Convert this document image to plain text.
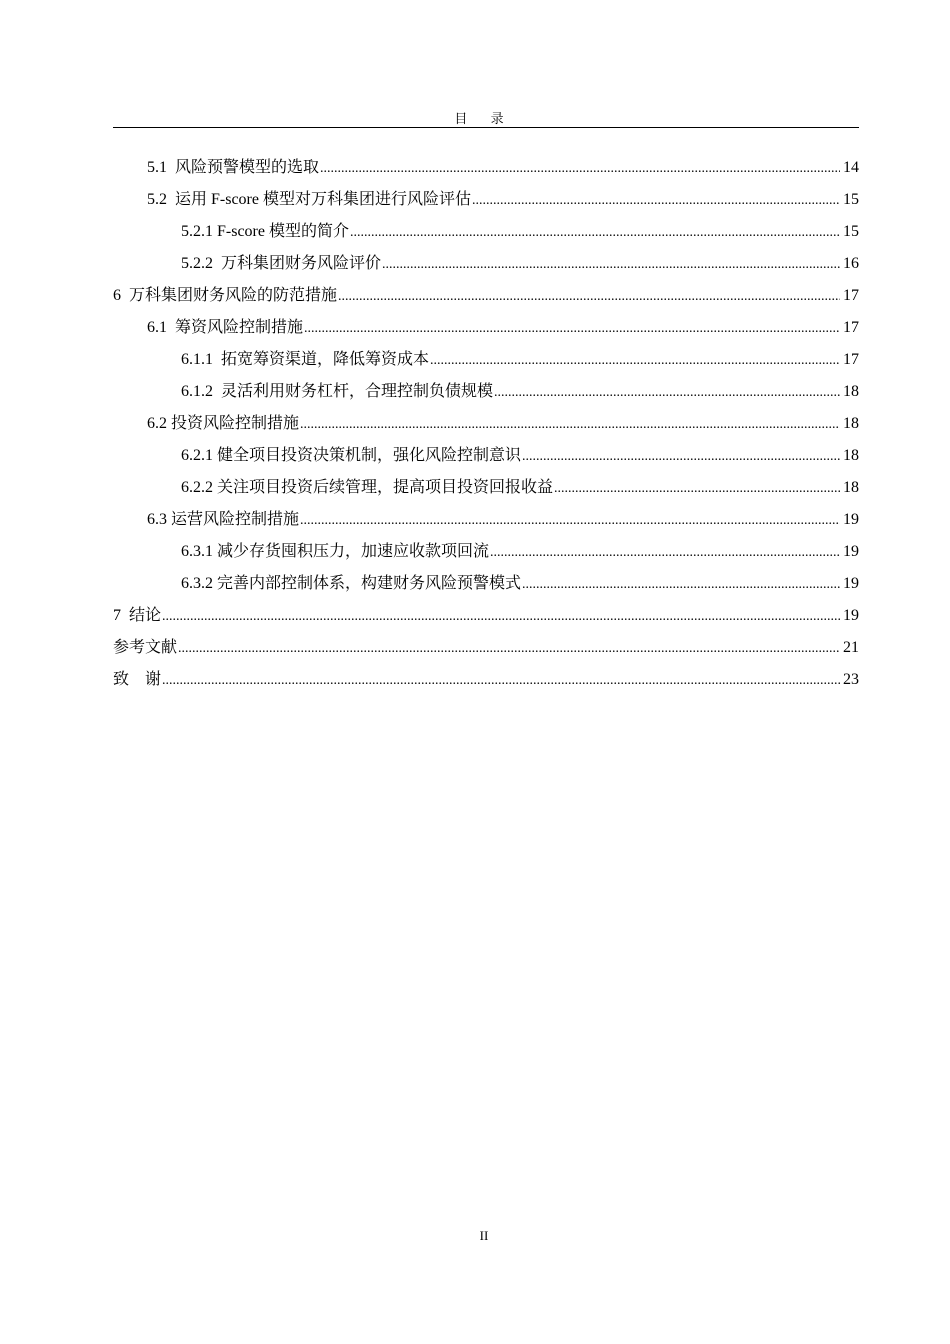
目 录
5.1  风险预警模型的选取 .....	14
5.2  运用 F-score 模型对万科集团进行风险评估 .....	15
5.2.1 F-score 模型的简介 .....	15
5.2.2  万科集团财务风险评价 .....	16
6  万科集团财务风险的防范措施 .....	17
6.1  筹资风险控制措施 .....	17
6.1.1  拓宽筹资渠道，降低筹资成本 .....	17
6.1.2  灵活利用财务杠杆，合理控制负债规模 .....	18
6.2 投资风险控制措施 .....	18
6.2.1 健全项目投资决策机制，强化风险控制意识 .....	18
6.2.2 关注项目投资后续管理，提高项目投资回报收益 .....	18
6.3 运营风险控制措施 .....	19
6.3.1 减少存货囤积压力，加速应收款项回流 .....	19
6.3.2 完善内部控制体系，构建财务风险预警模式 .....	19
7  结论 .....	19
参考文献 .....	21
致    谢 .....	23
II
